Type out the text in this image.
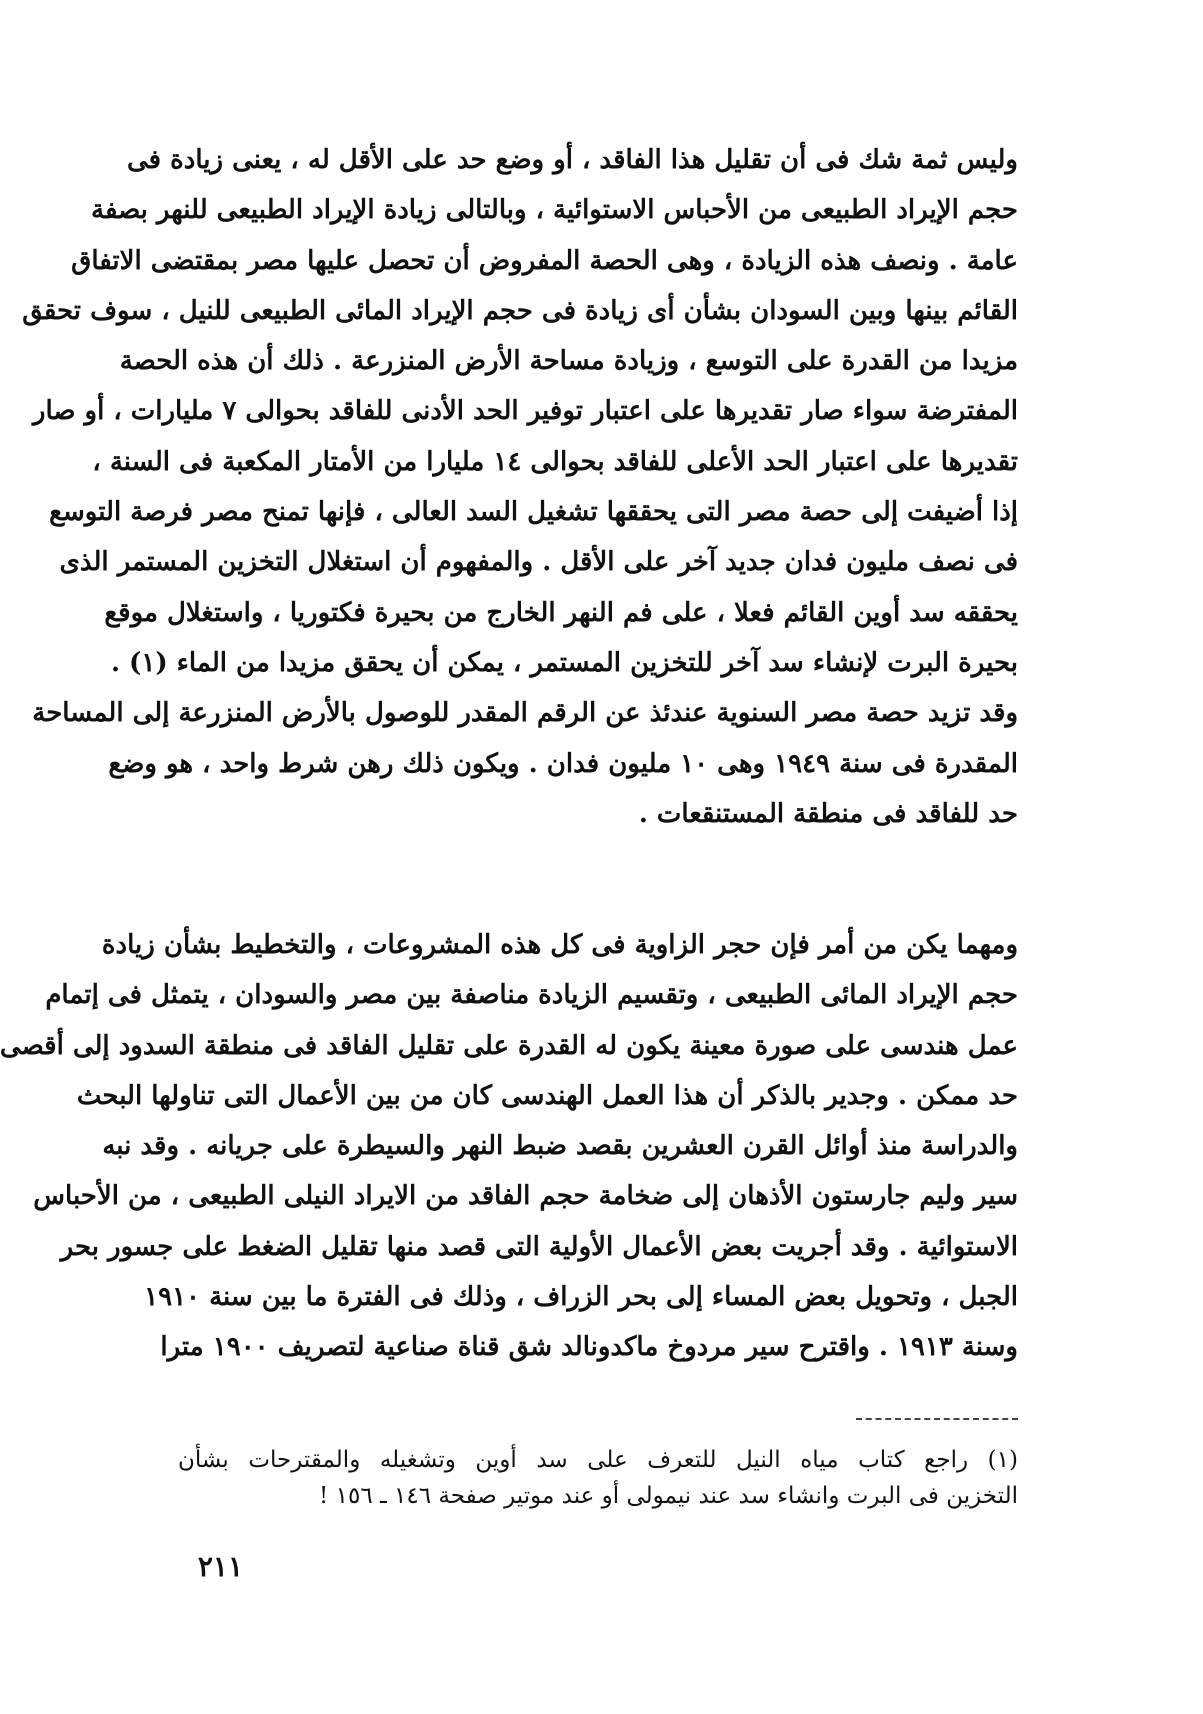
وليس ثمة شك فى أن تقليل هذا الفاقد ، أو وضع حد على الأقل له ، يعنى زيادة فى
حجم الإيراد الطبيعى من الأحباس الاستوائية ، وبالتالى زيادة الإيراد الطبيعى للنهر بصفة
عامة . ونصف هذه الزيادة ، وهى الحصة المفروض أن تحصل عليها مصر بمقتضى الاتفاق
القائم بينها وبين السودان بشأن أى زيادة فى حجم الإيراد المائى الطبيعى للنيل ، سوف تحقق
مزيدا من القدرة على التوسع ، وزيادة مساحة الأرض المنزرعة . ذلك أن هذه الحصة
المفترضة سواء صار تقديرها على اعتبار توفير الحد الأدنى للفاقد بحوالى ٧ مليارات ، أو صار
تقديرها على اعتبار الحد الأعلى للفاقد بحوالى ١٤ مليارا من الأمتار المكعبة فى السنة ،
إذا أضيفت إلى حصة مصر التى يحققها تشغيل السد العالى ، فإنها تمنح مصر فرصة التوسع
فى نصف مليون فدان جديد آخر على الأقل . والمفهوم أن استغلال التخزين المستمر الذى
يحققه سد أوين القائم فعلا ، على فم النهر الخارج من بحيرة فكتوريا ، واستغلال موقع
بحيرة البرت لإنشاء سد آخر للتخزين المستمر ، يمكن أن يحقق مزيدا من الماء (١) .
وقد تزيد حصة مصر السنوية عندئذ عن الرقم المقدر للوصول بالأرض المنزرعة إلى المساحة
المقدرة فى سنة ١٩٤٩ وهى ١٠ مليون فدان . ويكون ذلك رهن شرط واحد ، هو وضع
حد للفاقد فى منطقة المستنقعات .
ومهما يكن من أمر فإن حجر الزاوية فى كل هذه المشروعات ، والتخطيط بشأن زيادة
حجم الإيراد المائى الطبيعى ، وتقسيم الزيادة مناصفة بين مصر والسودان ، يتمثل فى إتمام
عمل هندسى على صورة معينة يكون له القدرة على تقليل الفاقد فى منطقة السدود إلى أقصى
حد ممكن . وجدير بالذكر أن هذا العمل الهندسى كان من بين الأعمال التى تناولها البحث
والدراسة منذ أوائل القرن العشرين بقصد ضبط النهر والسيطرة على جريانه . وقد نبه
سير وليم جارستون الأذهان إلى ضخامة حجم الفاقد من الايراد النيلى الطبيعى ، من الأحباس
الاستوائية . وقد أجريت بعض الأعمال الأولية التى قصد منها تقليل الضغط على جسور بحر
الجبل ، وتحويل بعض المساء إلى بحر الزراف ، وذلك فى الفترة ما بين سنة ١٩١٠
وسنة ١٩١٣ . واقترح سير مردوخ ماكدونالد شق قناة صناعية لتصريف ١٩٠٠ مترا
(١) راجع كتاب مياه النيل للتعرف على سد أوين وتشغيله والمقترحات بشأن
التخزين فى البرت وانشاء سد عند نيمولى أو عند موتير صفحة ١٤٦ ـ ١٥٦ !
٢١١
